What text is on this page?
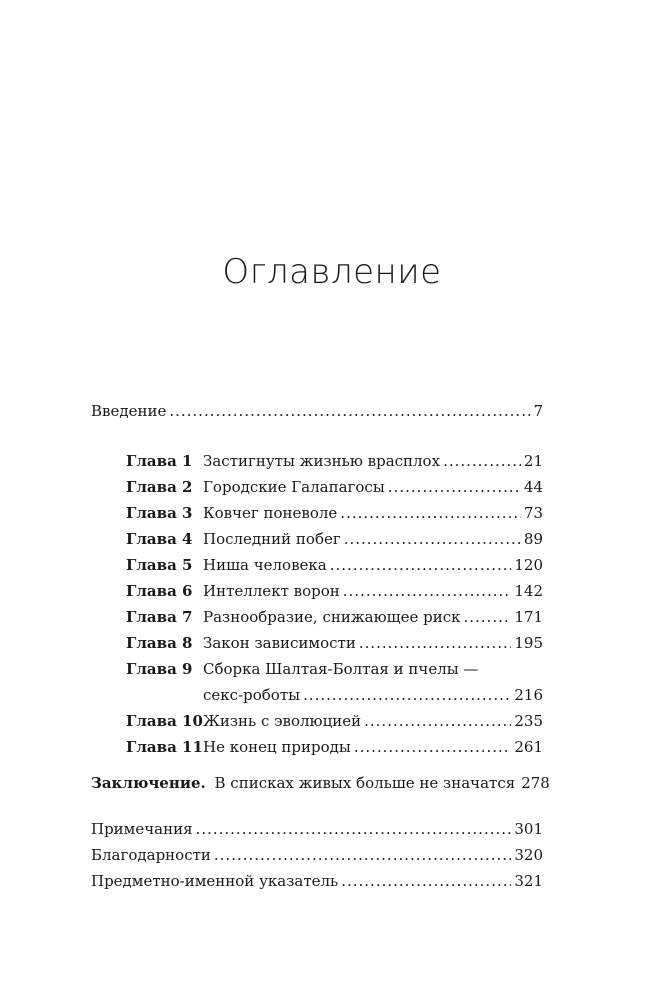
Оглавление
Введение .....	7
Глава 1 Застигнуты жизнью врасплох .....	21
Глава 2 Городские Галапагосы .....	44
Глава 3 Ковчег поневоле .....	73
Глава 4 Последний побег .....	89
Глава 5 Ниша человека .....	120
Глава 6 Интеллект ворон .....	142
Глава 7 Разнообразие, снижающее риск .....	171
Глава 8 Закон зависимости .....	195
Глава 9 Сборка Шалтая-Болтая и пчелы —
секс-роботы .....	216
Глава 10 Жизнь с эволюцией .....	235
Глава 11 Не конец природы .....	261
Заключение. В списках живых больше не значатся 278
Примечания .....	301
Благодарности .....	320
Предметно-именной указатель .....	321
